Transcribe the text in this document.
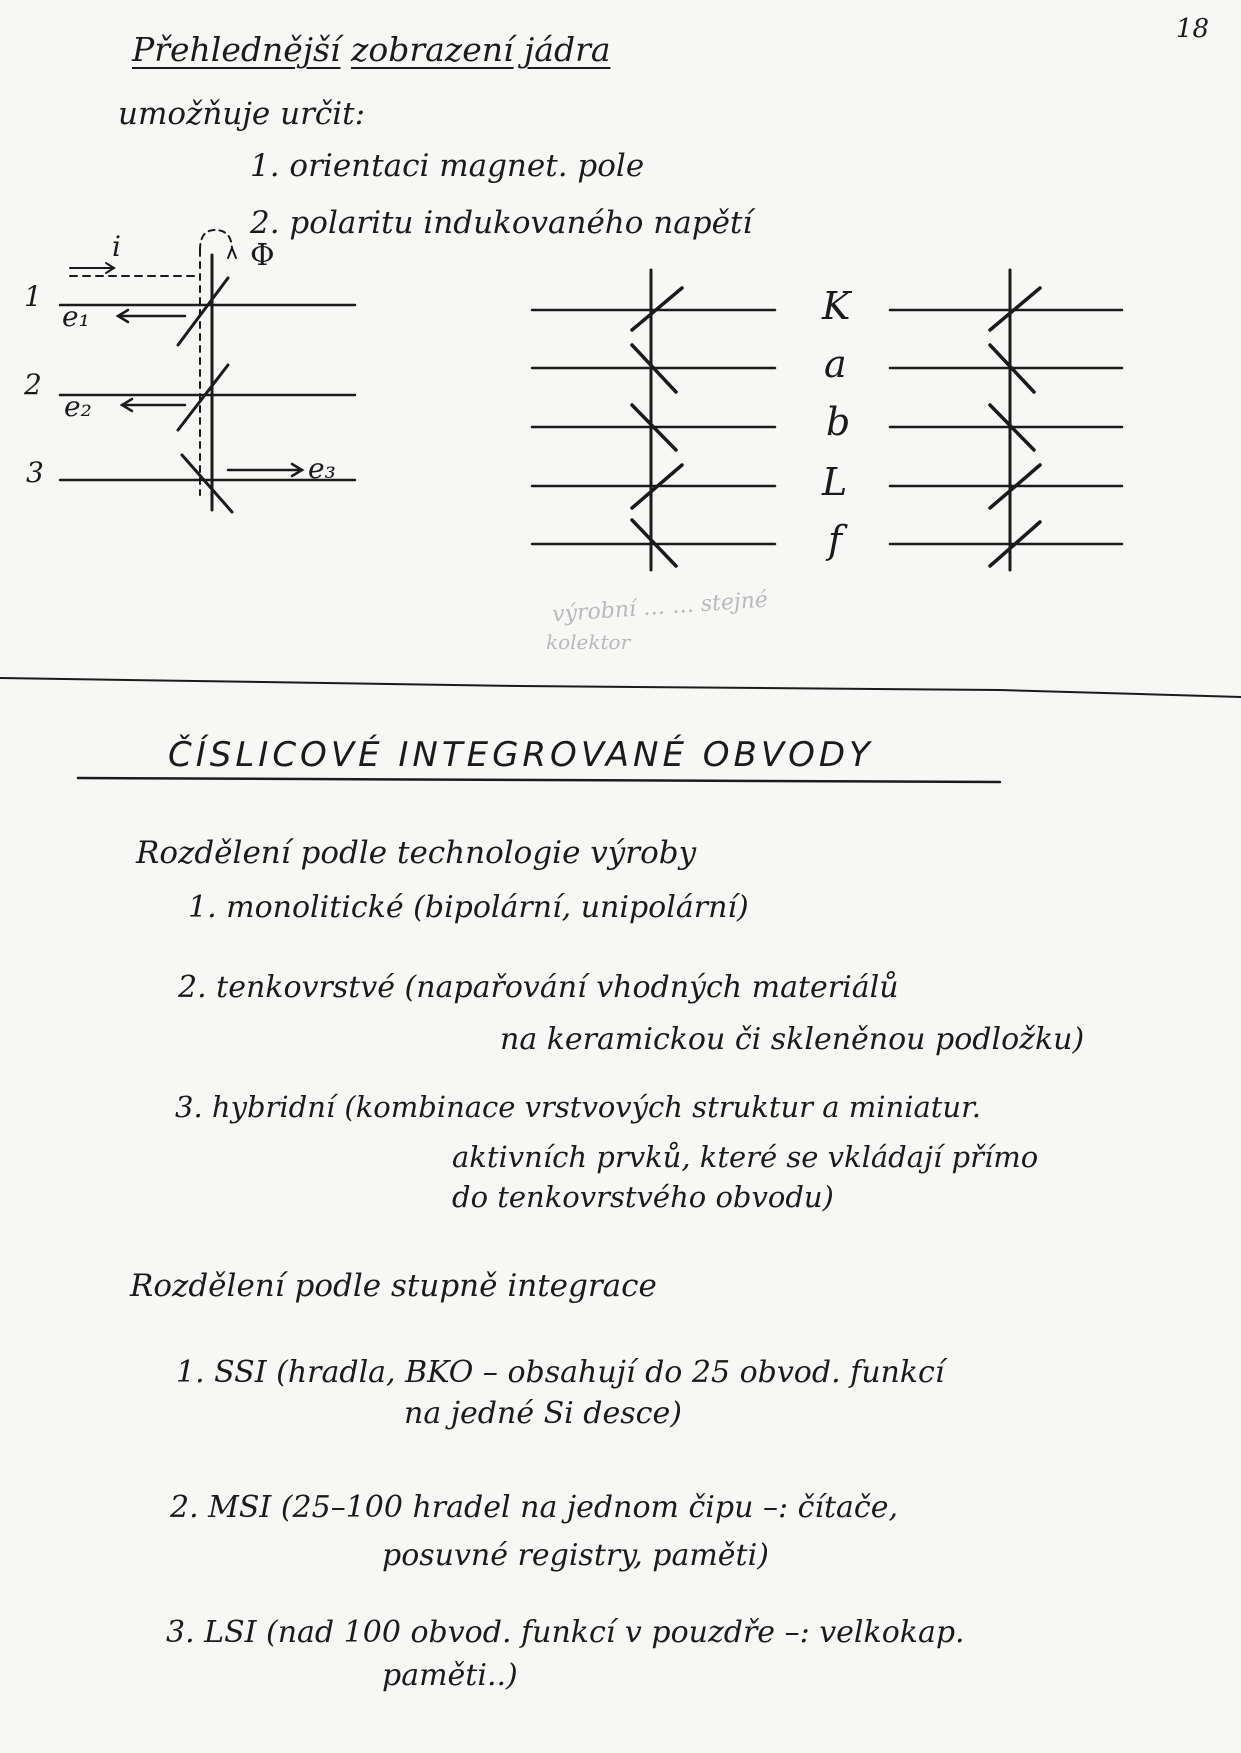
18
Přehlednější zobrazení jádra
umožňuje určit:
1. orientaci magnet. pole
2. polaritu indukovaného napětí
i	Φ
1
2
3
e₁
e₂
e₃
K
a
b
L
f
výrobní … … stejné
kolektor
ČÍSLICOVÉ INTEGROVANÉ OBVODY
Rozdělení podle technologie výroby
1. monolitické (bipolární, unipolární)
2. tenkovrstvé (napařování vhodných materiálů
na keramickou či skleněnou podložku)
3. hybridní (kombinace vrstvových struktur a miniatur.
aktivních prvků, které se vkládají přímo
do tenkovrstvého obvodu)
Rozdělení podle stupně integrace
1. SSI (hradla, BKO – obsahují do 25 obvod. funkcí
na jedné Si desce)
2. MSI (25–100 hradel na jednom čipu –: čítače,
posuvné registry, paměti)
3. LSI (nad 100 obvod. funkcí v pouzdře –: velkokap.
paměti..)
